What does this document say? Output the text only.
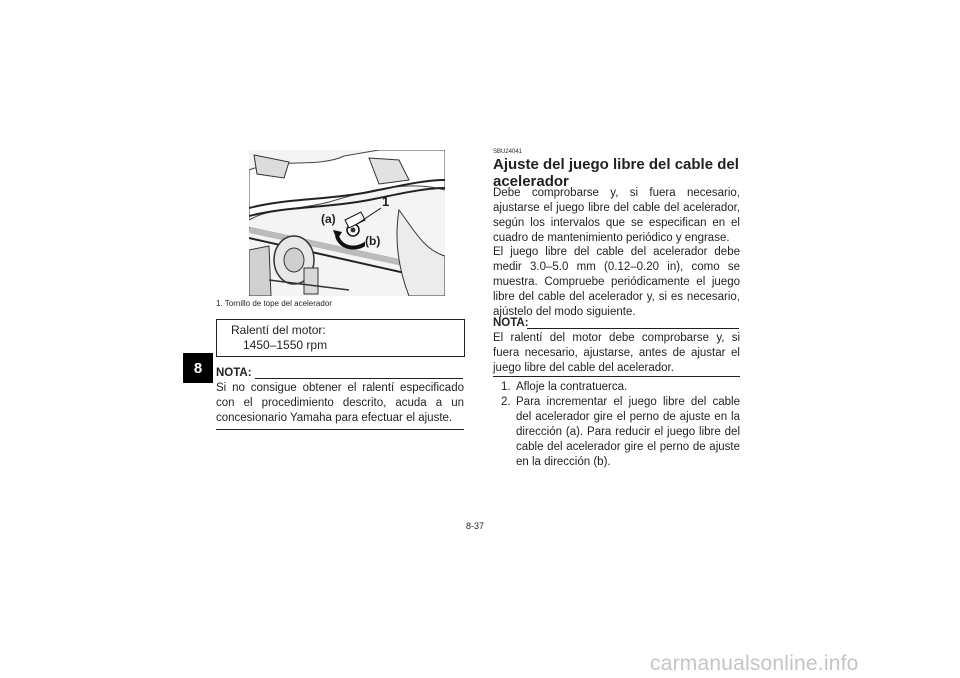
8
(a)
(b)
1
1. Tornillo de tope del acelerador
Ralentí del motor:
1450–1550 rpm
NOTA:
Si no consigue obtener el ralentí especificado con el procedimiento descrito, acuda a un concesionario Yamaha para efectuar el ajuste.
SBU24041
Ajuste del juego libre del cable del acelerador
Debe comprobarse y, si fuera necesario, ajustarse el juego libre del cable del acelerador, según los intervalos que se especifican en el cuadro de mantenimiento periódico y engrase.
El juego libre del cable del acelerador debe medir 3.0–5.0 mm (0.12–0.20 in), como se muestra. Compruebe periódicamente el juego libre del cable del acelerador y, si es necesario, ajústelo del modo siguiente.
NOTA:
El ralentí del motor debe comprobarse y, si fuera necesario, ajustarse, antes de ajustar el juego libre del cable del acelerador.
1. Afloje la contratuerca.
2. Para incrementar el juego libre del cable del acelerador gire el perno de ajuste en la dirección (a). Para reducir el juego libre del cable del acelerador gire el perno de ajuste en la dirección (b).
8-37
carmanualsonline.info
